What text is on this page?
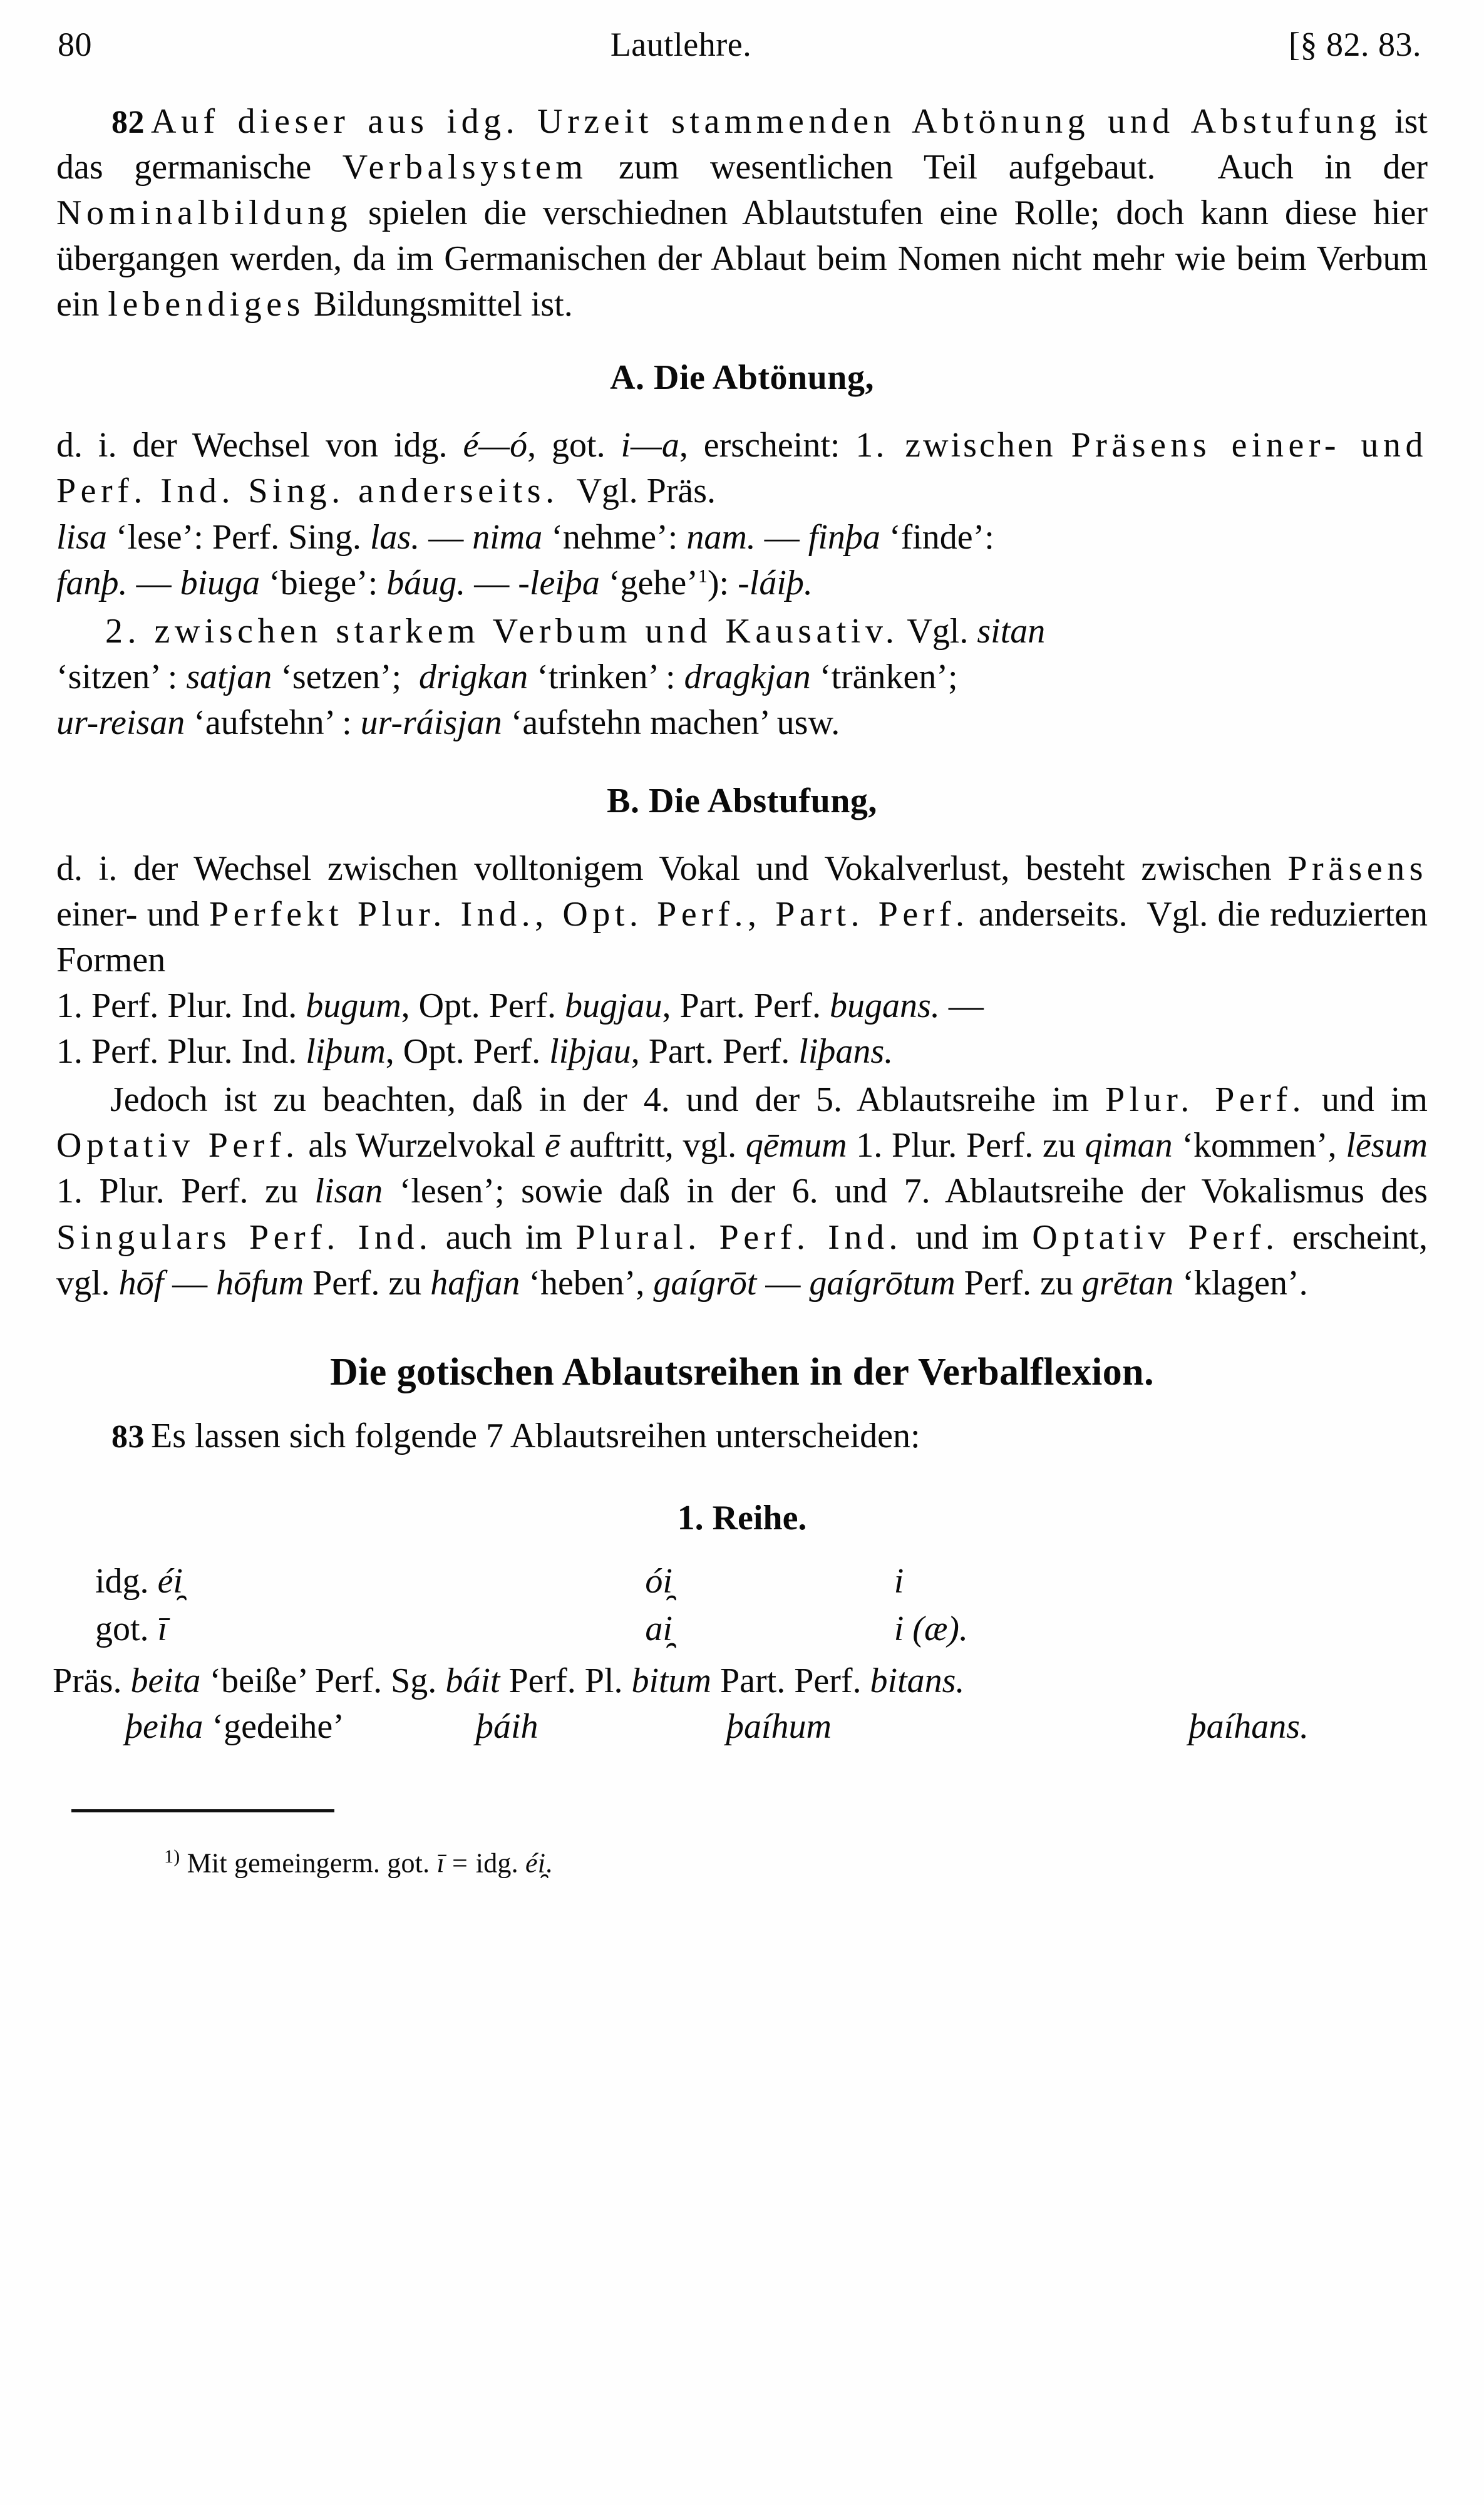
80	Lautlehre.	[§ 82. 83.

82 Auf dieser aus idg. Urzeit stammenden Abtönung und Abstufung ist das germanische Verbalsystem zum wesentlichen Teil aufgebaut.  Auch in der Nominalbildung spielen die verschiednen Ablautstufen eine Rolle; doch kann diese hier übergangen werden, da im Germanischen der Ablaut beim Nomen nicht mehr wie beim Verbum ein lebendiges Bildungsmittel ist.

A. Die Abtönung,

d. i. der Wechsel von idg. é—ó, got. i—a, erscheint: 1. zwischen Präsens einer- und Perf. Ind. Sing. anderseits. Vgl. Präs.
lisa ‘lese’: Perf. Sing. las. — nima ‘nehme’: nam. — finþa ‘finde’:
fanþ. — biuga ‘biege’: báug. — -leiþa ‘gehe’$^1$): -láiþ.

2. zwischen starkem Verbum und Kausativ. Vgl. sitan
‘sitzen’ : satjan ‘setzen’; drigkan ‘trinken’ : dragkjan ‘tränken’;
ur-reisan ‘aufstehn’ : ur-ráisjan ‘aufstehn machen’ usw.

B. Die Abstufung,

d. i. der Wechsel zwischen volltonigem Vokal und Vokalverlust, besteht zwischen Präsens einer- und Perfekt Plur. Ind., Opt. Perf., Part. Perf. anderseits.  Vgl. die reduzierten Formen
1. Perf. Plur. Ind. bugum, Opt. Perf. bugjau, Part. Perf. bugans. —
1. Perf. Plur. Ind. liþum, Opt. Perf. liþjau, Part. Perf. liþans.

Jedoch ist zu beachten, daß in der 4. und der 5. Ablautsreihe im Plur. Perf. und im Optativ Perf. als Wurzelvokal ē auftritt, vgl. qēmum 1. Plur. Perf. zu qiman ‘kommen’, lēsum 1. Plur. Perf. zu lisan ‘lesen’; sowie daß in der 6. und 7. Ablautsreihe der Vokalismus des Singulars Perf. Ind. auch im Plural. Perf. Ind. und im Optativ Perf. erscheint, vgl. hōf — hōfum Perf. zu hafjan ‘heben’, gaígrōt — gaígrōtum Perf. zu grētan ‘klagen’.

Die gotischen Ablautsreihen in der Verbalflexion.

83 Es lassen sich folgende 7 Ablautsreihen unterscheiden:

1. Reihe.
idg. éi̯	ói̯	i
got. ī	ai̯	i (æ).
Präs. beita ‘beiße’ Perf. Sg. báit Perf. Pl. bitum Part. Perf. bitans.
þeiha ‘gedeihe’	þáih	þaíhum	þaíhans.
$^{1)}$ Mit gemeingerm. got. ī = idg. éi̯.
